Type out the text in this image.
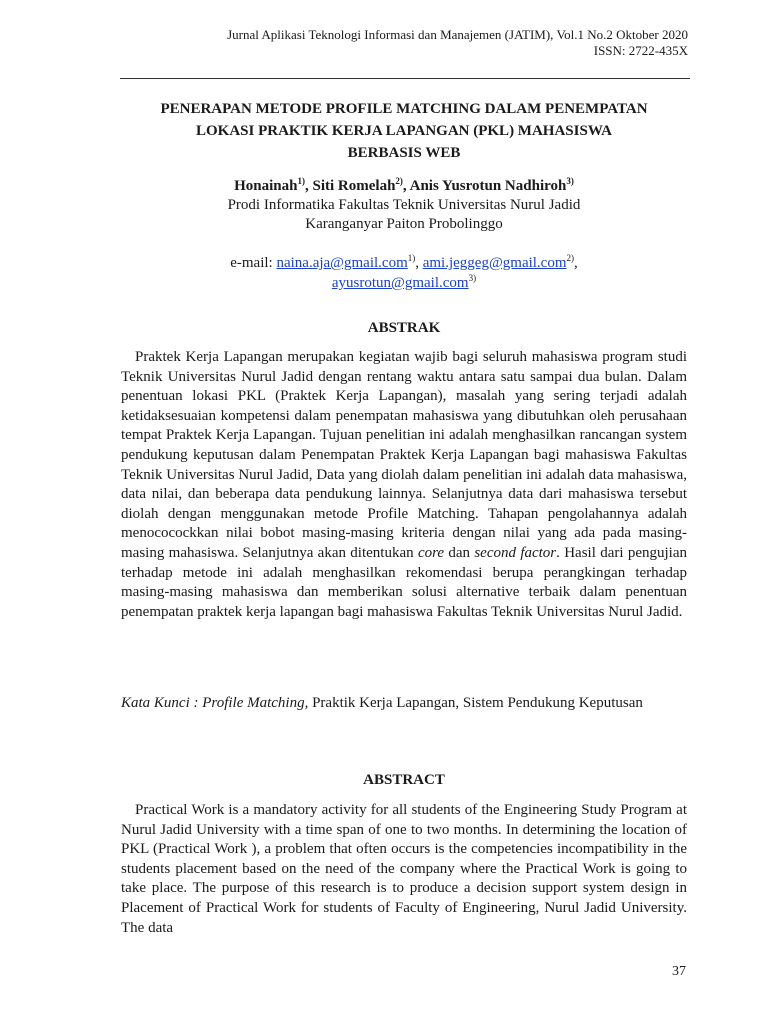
Jurnal Aplikasi Teknologi Informasi dan Manajemen (JATIM), Vol.1 No.2 Oktober 2020
ISSN: 2722-435X
PENERAPAN METODE PROFILE MATCHING DALAM PENEMPATAN
LOKASI PRAKTIK KERJA LAPANGAN (PKL) MAHASISWA
BERBASIS WEB
Honainah$^{1)}$, Siti Romelah$^{2)}$, Anis Yusrotun Nadhiroh$^{3)}$
Prodi Informatika Fakultas Teknik Universitas Nurul Jadid
Karanganyar Paiton Probolinggo
e-mail: naina.aja@gmail.com$^{1)}$, ami.jeggeg@gmail.com$^{2)}$,
ayusrotun@gmail.com$^{3)}$
ABSTRAK
Praktek Kerja Lapangan merupakan kegiatan wajib bagi seluruh mahasiswa program studi Teknik Universitas Nurul Jadid dengan rentang waktu antara satu sampai dua bulan. Dalam penentuan lokasi PKL (Praktek Kerja Lapangan), masalah yang sering terjadi adalah ketidaksesuaian kompetensi dalam penempatan mahasiswa yang dibutuhkan oleh perusahaan tempat Praktek Kerja Lapangan. Tujuan penelitian ini adalah menghasilkan rancangan system pendukung keputusan dalam Penempatan Praktek Kerja Lapangan bagi mahasiswa Fakultas Teknik Universitas Nurul Jadid, Data yang diolah dalam penelitian ini adalah data mahasiswa, data nilai, dan beberapa data pendukung lainnya. Selanjutnya data dari mahasiswa tersebut diolah dengan menggunakan metode Profile Matching. Tahapan pengolahannya adalah menococockkan nilai bobot masing-masing kriteria dengan nilai yang ada pada masing-masing mahasiswa. Selanjutnya akan ditentukan core dan second factor. Hasil dari pengujian terhadap metode ini adalah menghasilkan rekomendasi berupa perangkingan terhadap masing-masing mahasiswa dan memberikan solusi alternative terbaik dalam penentuan penempatan praktek kerja lapangan bagi mahasiswa Fakultas Teknik Universitas Nurul Jadid.
Kata Kunci : Profile Matching, Praktik Kerja Lapangan, Sistem Pendukung Keputusan
ABSTRACT
Practical Work is a mandatory activity for all students of the Engineering Study Program at Nurul Jadid University with a time span of one to two months. In determining the location of PKL (Practical Work ), a problem that often occurs is the competencies incompatibility in the students placement based on the need of the company where the Practical Work is going to take place. The purpose of this research is to produce a decision support system design in Placement of Practical Work for students of Faculty of Engineering, Nurul Jadid University. The data
37
